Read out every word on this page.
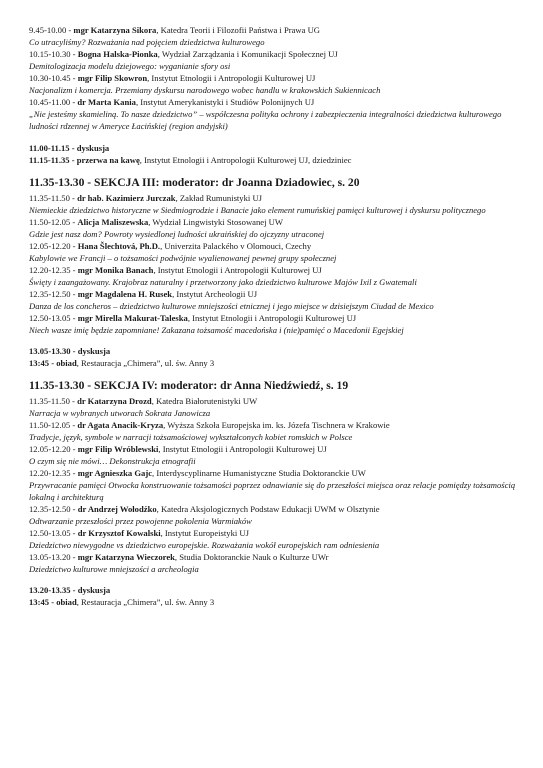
9.45-10.00 - mgr Katarzyna Sikora, Katedra Teorii i Filozofii Państwa i Prawa UG
Co utracyliśmy? Rozważania nad pojęciem dziedzictwa kulturowego
10.15-10.30 - Bogna Halska-Pionka, Wydział Zarządzania i Komunikacji Społecznej UJ
Demitologizacja modelu dziejowego: wyganianie sfory osi
10.30-10.45 - mgr Filip Skowron, Instytut Etnologii i Antropologii Kulturowej UJ
Nacjonalizm i komercja. Przemiany dyskursu narodowego wobec handlu w krakowskich Sukiennicach
10.45-11.00 - dr Marta Kania, Instytut Amerykanistyki i Studiów Polonijnych UJ
„Nie jesteśmy skamieliną. To nasze dziedzictwo” – współczesna polityka ochrony i zabezpieczenia integralności dziedzictwa kulturowego ludności rdzennej w Ameryce Łacińskiej (region andyjski)
11.00-11.15 - dyskusja
11.15-11.35 - przerwa na kawę, Instytut Etnologii i Antropologii Kulturowej UJ, dziedziniec
11.35-13.30 - SEKCJA III: moderator: dr Joanna Dziadowiec, s. 20
11.35-11.50 - dr hab. Kazimierz Jurczak, Zakład Rumunistyki UJ
Niemieckie dziedzictwo historyczne w Siedmiogrodzie i Banacie jako element rumuńskiej pamięci kulturowej i dyskursu politycznego
11.50-12.05 - Alicja Maliszewska, Wydział Lingwistyki Stosowanej UW
Gdzie jest nasz dom? Powroty wysiedlonej ludności ukraińskiej do ojczyzny utraconej
12.05-12.20 - Hana Šlechtová, Ph.D., Univerzita Palackého v Olomouci, Czechy
Kabylowie we Francji – o tożsamości podwójnie wyalienowanej pewnej grupy społecznej
12.20-12.35 - mgr Monika Banach, Instytut Etnologii i Antropologii Kulturowej UJ
Święty i zaangażowany. Krajobraz naturalny i przetworzony jako dziedzictwo kulturowe Majów Ixil z Gwatemali
12.35-12.50 - mgr Magdalena H. Rusek, Instytut Archeologii UJ
Danza de los concheros – dziedzictwo kulturowe mniejszości etnicznej i jego miejsce w dzisiejszym Ciudad de Mexico
12.50-13.05 - mgr Mirella Makurat-Taleska, Instytut Etnologii i Antropologii Kulturowej UJ
Niech wasze imię będzie zapomniane! Zakazana tożsamość macedońska i (nie)pamięć o Macedonii Egejskiej
13.05-13.30 - dyskusja
13:45 - obiad, Restauracja „Chimera”, ul. św. Anny 3
11.35-13.30 - SEKCJA IV: moderator: dr Anna Niedźwiedź, s. 19
11.35-11.50 - dr Katarzyna Drozd, Katedra Białorutenistyki UW
Narracja w wybranych utworach Sokrata Janowicza
11.50-12.05 - dr Agata Anacik-Kryza, Wyższa Szkoła Europejska im. ks. Józefa Tischnera w Krakowie
Tradycje, język, symbole w narracji tożsamościowej wykształconych kobiet romskich w Polsce
12.05-12.20 - mgr Filip Wróblewski, Instytut Etnologii i Antropologii Kulturowej UJ
O czym się nie mówi… Dekonstrukcja etnografii
12.20-12.35 - mgr Agnieszka Gajc, Interdyscyplinarne Humanistyczne Studia Doktoranckie UW
Przywracanie pamięci Otwocka konstruowanie tożsamości poprzez odnawianie się do przeszłości miejsca oraz relacje pomiędzy tożsamością lokalną i architekturą
12.35-12.50 - dr Andrzej Wołodźko, Katedra Aksjologicznych Podstaw Edukacji UWM w Olsztynie
Odtwarzanie przeszłości przez powojenne pokolenia Warmiaków
12.50-13.05 - dr Krzysztof Kowalski, Instytut Europeistyki UJ
Dziedzictwo niewygodne vs dziedzictwo europejskie. Rozważania wokół europejskich ram odniesienia
13.05-13.20 - mgr Katarzyna Wieczorek, Studia Doktoranckie Nauk o Kulturze UWr
Dziedzictwo kulturowe mniejszości a archeologia
13.20-13.35 - dyskusja
13:45 - obiad, Restauracja „Chimera”, ul. św. Anny 3
